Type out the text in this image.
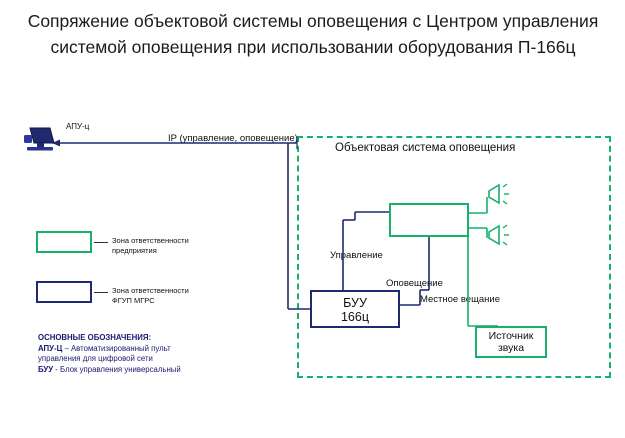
Сопряжение объектовой системы оповещения с Центром управления системой оповещения при использовании оборудования П-166ц
Объектовая система оповещения
АПУ-ц
БУУ
166ц
Источник
звука
Зона ответственности
предприятия
Зона ответственности
ФГУП МГРС
ОСНОВНЫЕ ОБОЗНАЧЕНИЯ:
АПУ-Ц – Автоматизированный пульт управления для цифровой сети
БУУ - Блок управления универсальный
IP (управление, оповещение)
Управление
Оповещение
Местное вещание
